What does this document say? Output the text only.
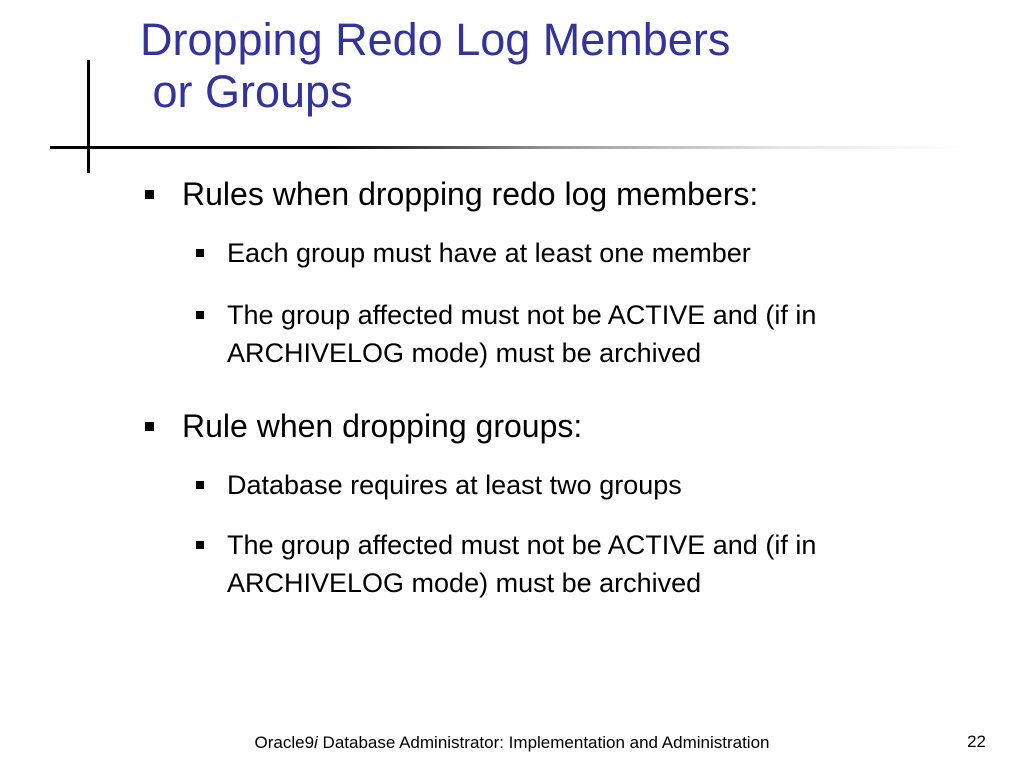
Dropping Redo Log Members
or Groups
Rules when dropping redo log members:
Each group must have at least one member
The group affected must not be ACTIVE and (if in ARCHIVELOG mode) must be archived
Rule when dropping groups:
Database requires at least two groups
The group affected must not be ACTIVE and (if in ARCHIVELOG mode) must be archived
Oracle9i Database Administrator: Implementation and Administration	22
